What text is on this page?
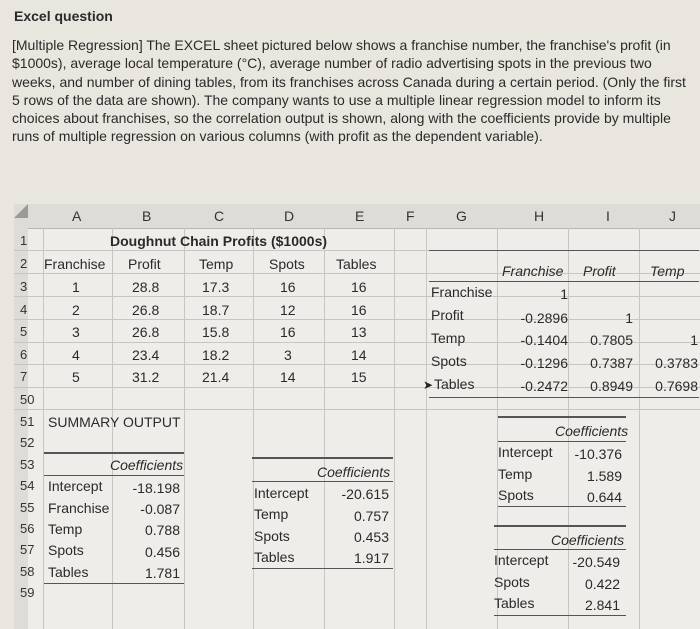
Excel question
[Multiple Regression] The EXCEL sheet pictured below shows a franchise number, the franchise's profit (in $1000s), average local temperature (°C), average number of radio advertising spots in the previous two weeks, and number of dining tables, from its franchises across Canada during a certain period. (Only the first 5 rows of the data are shown). The company wants to use a multiple linear regression model to inform its choices about franchises, so the correlation output is shown, along with the coefficients provide by multiple runs of multiple regression on various columns (with profit as the dependent variable).
A	B	C	D	E	F	G	H	I	J
1
2
3
4
5
6
7
50
51
52
53
54
55
56
57
58
59
Doughnut Chain Profits ($1000s)
Franchise Profit	Temp	Spots Tables
1	28.8	17.3	16	16
2	26.8	18.7	12	16
3	26.8	15.8	16	13
4	23.4	18.2	3	14
5	31.2	21.4	14	15
Franchise Profit Temp
Franchise	1
Profit	-0.2896	1
Temp	-0.1404	0.7805	1
Spots	-0.1296	0.7387	0.3783
➤ Tables	-0.2472	0.8949	0.7698
SUMMARY OUTPUT
Coefficients
Intercept	-18.198
Franchise	-0.087
Temp	0.788
Spots	0.456
Tables	1.781
Coefficients
Intercept	-20.615
Temp	0.757
Spots	0.453
Tables	1.917
Coefficients
Intercept	-10.376
Temp	1.589
Spots	0.644
Coefficients
Intercept	-20.549
Spots	0.422
Tables	2.841
